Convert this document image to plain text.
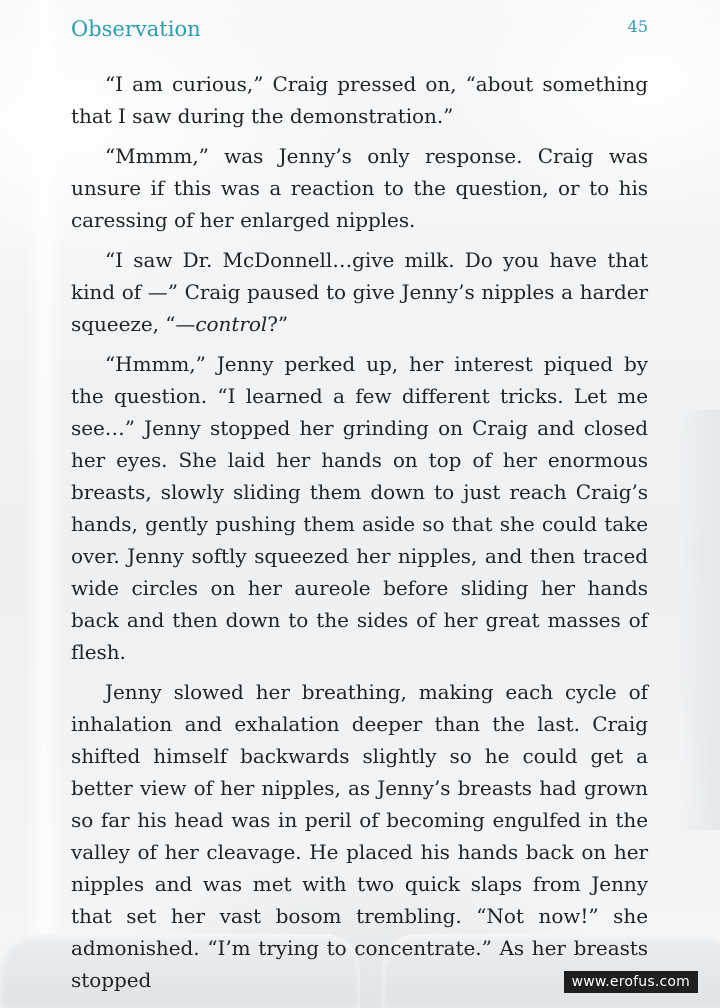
Observation	45

“I am curious,” Craig pressed on, “about something that I saw during the demonstration.”

“Mmmm,” was Jenny’s only response. Craig was unsure if this was a reaction to the question, or to his caressing of her enlarged nipples.

“I saw Dr. McDonnell…give milk. Do you have that kind of —” Craig paused to give Jenny’s nipples a harder squeeze, “—control?”

“Hmmm,” Jenny perked up, her interest piqued by the question. “I learned a few different tricks. Let me see…” Jenny stopped her grinding on Craig and closed her eyes. She laid her hands on top of her enormous breasts, slowly sliding them down to just reach Craig’s hands, gently pushing them aside so that she could take over. Jenny softly squeezed her nipples, and then traced wide circles on her aureole before sliding her hands back and then down to the sides of her great masses of flesh.

Jenny slowed her breathing, making each cycle of inhalation and exhalation deeper than the last. Craig shifted himself backwards slightly so he could get a better view of her nipples, as Jenny’s breasts had grown so far his head was in peril of becoming engulfed in the valley of her cleavage. He placed his hands back on her nipples and was met with two quick slaps from Jenny that set her vast bosom trembling. “Not now!” she admonished. “I’m trying to concentrate.” As her breasts stopped	www.erofus.com
